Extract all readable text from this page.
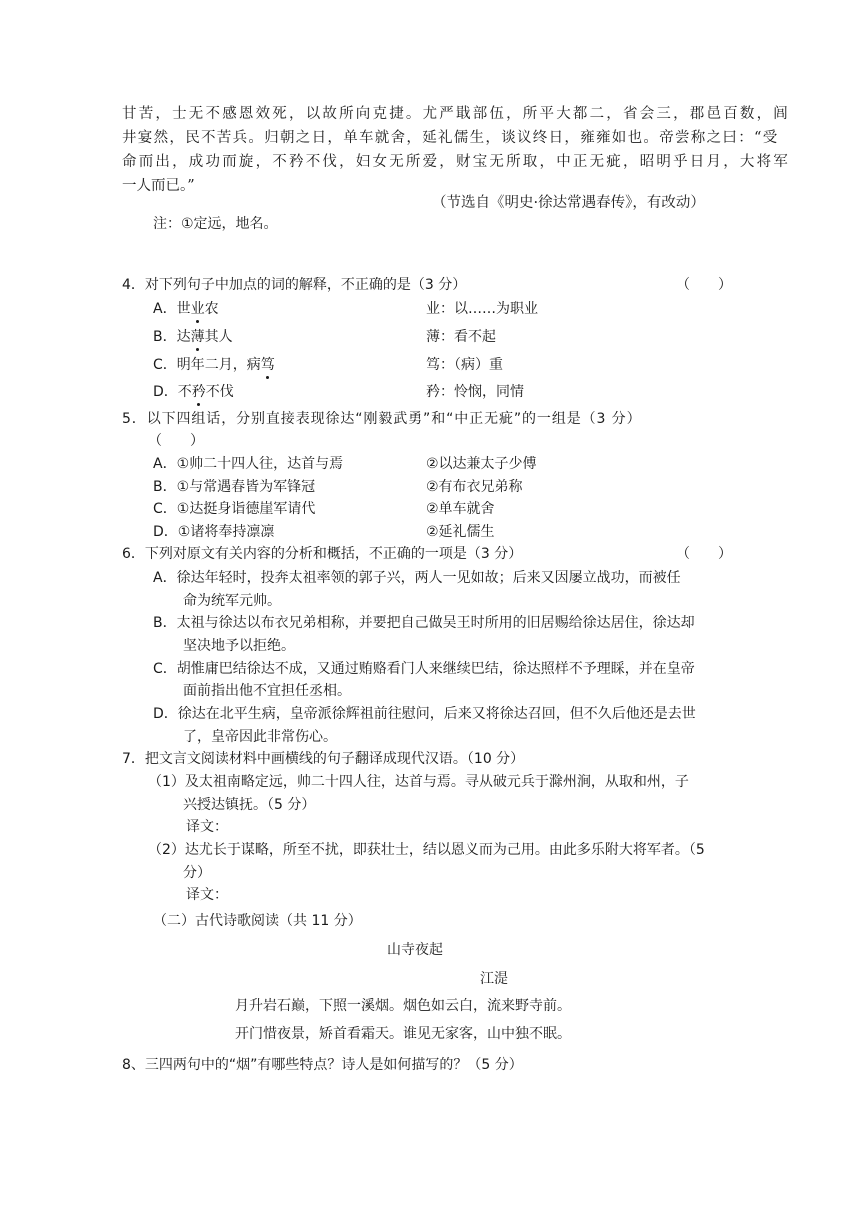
甘苦，士无不感恩效死，以故所向克捷。尤严戢部伍，所平大都二，省会三，郡邑百数，闾
井宴然，民不苦兵。归朝之日，单车就舍，延礼儒生，谈议终日，雍雍如也。帝尝称之曰：“受
命而出，成功而旋，不矜不伐，妇女无所爱，财宝无所取，中正无疵，昭明乎日月，大将军
一人而已。”
（节选自《明史·徐达常遇春传》，有改动）
注：①定远，地名。
4．对下列句子中加点的词的解释，不正确的是（3 分）	（　　）
A．世业农	业：以……为职业
B．达薄其人	薄：看不起
C．明年二月，病笃	笃：（病）重
D．不矜不伐	矜：怜悯，同情
5．以下四组话，分别直接表现徐达“刚毅武勇”和“中正无疵”的一组是（3 分）
（　　）
A．①帅二十四人往，达首与焉	②以达兼太子少傅
B．①与常遇春皆为军锋冠	②有布衣兄弟称
C．①达挺身诣德崖军请代	②单车就舍
D．①诸将奉持凛凛	②延礼儒生
6．下列对原文有关内容的分析和概括，不正确的一项是（3 分）	（　　）
A．徐达年轻时，投奔太祖率领的郭子兴，两人一见如故；后来又因屡立战功，而被任
命为统军元帅。
B．太祖与徐达以布衣兄弟相称，并要把自己做吴王时所用的旧居赐给徐达居住，徐达却
坚决地予以拒绝。
C．胡惟庸巴结徐达不成，又通过贿赂看门人来继续巴结，徐达照样不予理睬，并在皇帝
面前指出他不宜担任丞相。
D．徐达在北平生病，皇帝派徐辉祖前往慰问，后来又将徐达召回，但不久后他还是去世
了，皇帝因此非常伤心。
7．把文言文阅读材料中画横线的句子翻译成现代汉语。（10 分）
（1）及太祖南略定远，帅二十四人往，达首与焉。寻从破元兵于滁州涧，从取和州，子
兴授达镇抚。（5 分）
译文：
（2）达尤长于谋略，所至不扰，即获壮士，结以恩义而为己用。由此多乐附大将军者。（5
分）
译文：
（二）古代诗歌阅读（共 11 分）
山寺夜起
江湜
月升岩石巅，下照一溪烟。烟色如云白，流来野寺前。
开门惜夜景，矫首看霜天。谁见无家客，山中独不眠。
8、三四两句中的“烟”有哪些特点？诗人是如何描写的？（5 分）
